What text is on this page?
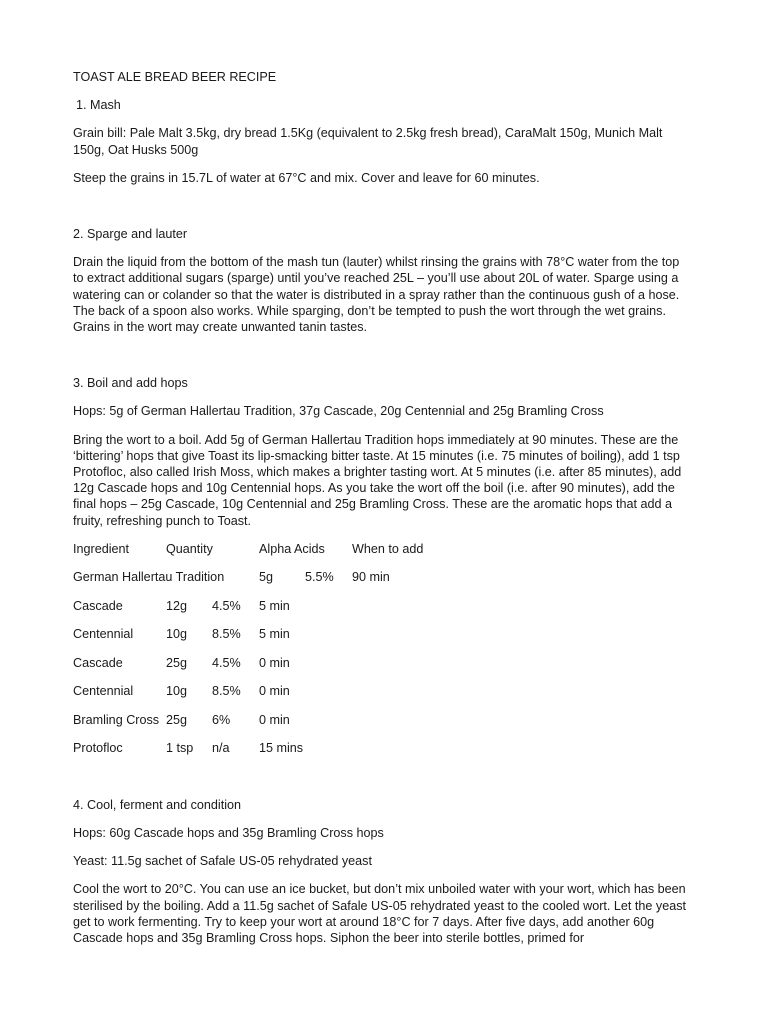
TOAST ALE BREAD BEER RECIPE

1. Mash

Grain bill: Pale Malt 3.5kg, dry bread 1.5Kg (equivalent to 2.5kg fresh bread), CaraMalt 150g, Munich Malt 150g, Oat Husks 500g

Steep the grains in 15.7L of water at 67°C and mix. Cover and leave for 60 minutes.

2. Sparge and lauter

Drain the liquid from the bottom of the mash tun (lauter) whilst rinsing the grains with 78°C water from the top to extract additional sugars (sparge) until you’ve reached 25L – you’ll use about 20L of water. Sparge using a watering can or colander so that the water is distributed in a spray rather than the continuous gush of a hose. The back of a spoon also works. While sparging, don’t be tempted to push the wort through the wet grains. Grains in the wort may create unwanted tanin tastes.

3. Boil and add hops

Hops: 5g of German Hallertau Tradition, 37g Cascade, 20g Centennial and 25g Bramling Cross

Bring the wort to a boil. Add 5g of German Hallertau Tradition hops immediately at 90 minutes. These are the ‘bittering’ hops that give Toast its lip-smacking bitter taste. At 15 minutes (i.e. 75 minutes of boiling), add 1 tsp Protofloc, also called Irish Moss, which makes a brighter tasting wort. At 5 minutes (i.e. after 85 minutes), add 12g Cascade hops and 10g Centennial hops. As you take the wort off the boil (i.e. after 90 minutes), add the final hops – 25g Cascade, 10g Centennial and 25g Bramling Cross. These are the aromatic hops that add a fruity, refreshing punch to Toast.

Ingredient	Quantity	Alpha Acids When to add
German Hallertau Tradition	5g	5.5% 90 min
Cascade	12g 4.5% 5 min
Centennial	10g 8.5% 5 min
Cascade	25g 4.5% 0 min
Centennial	10g 8.5% 0 min
Bramling Cross 25g 6% 0 min
Protofloc	1 tsp n/a 15 mins

4. Cool, ferment and condition

Hops: 60g Cascade hops and 35g Bramling Cross hops

Yeast: 11.5g sachet of Safale US-05 rehydrated yeast

Cool the wort to 20°C. You can use an ice bucket, but don’t mix unboiled water with your wort, which has been sterilised by the boiling. Add a 11.5g sachet of Safale US-05 rehydrated yeast to the cooled wort. Let the yeast get to work fermenting. Try to keep your wort at around 18°C for 7 days. After five days, add another 60g Cascade hops and 35g Bramling Cross hops. Siphon the beer into sterile bottles, primed for
